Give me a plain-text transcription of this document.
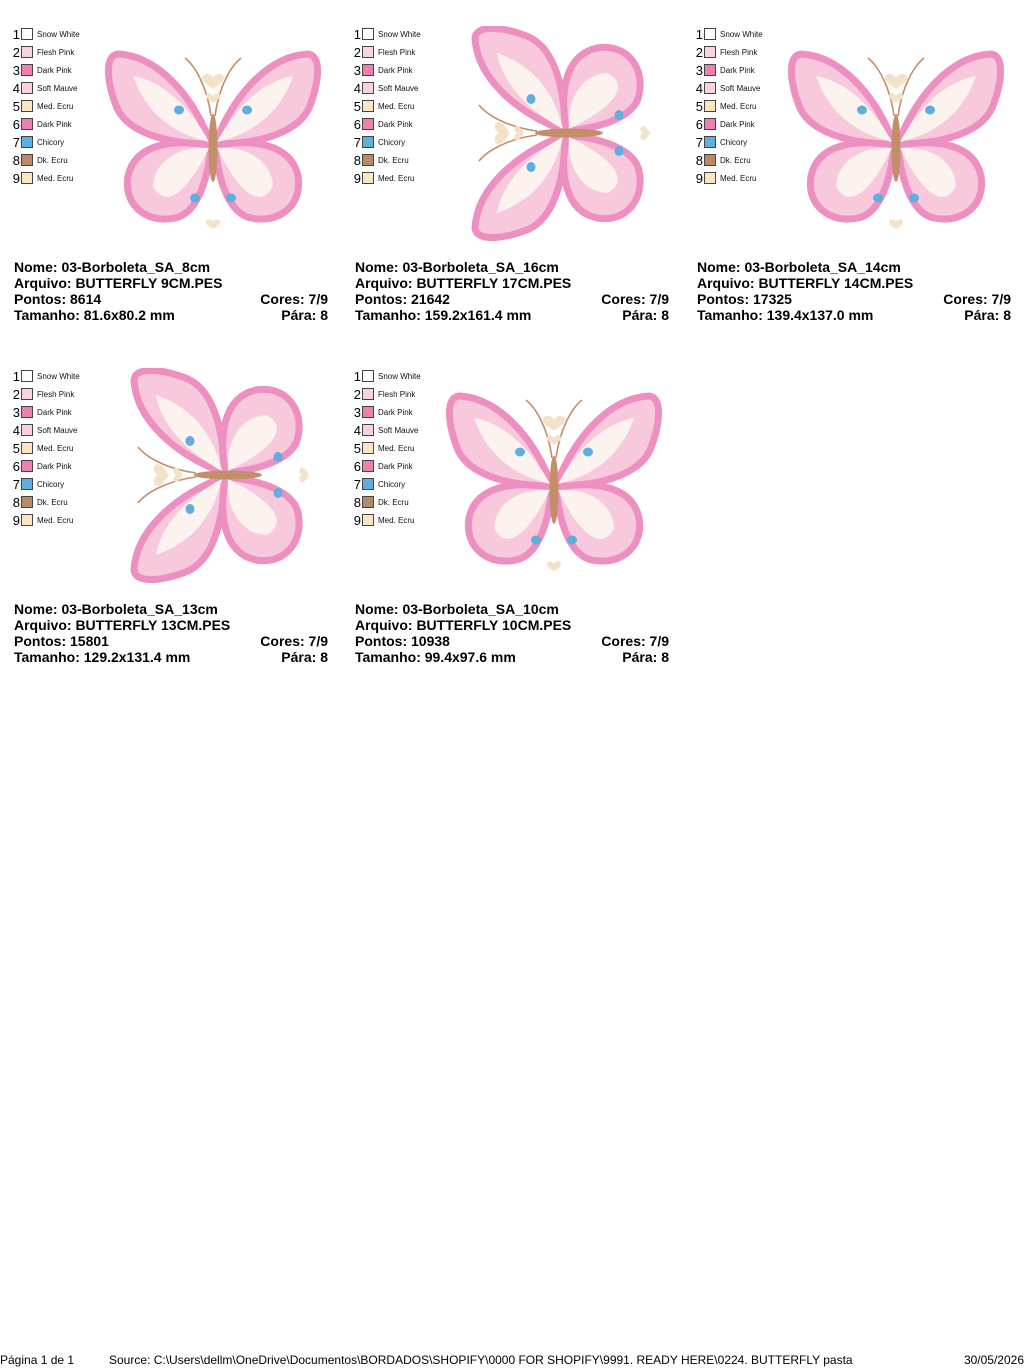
1 Snow White
2 Flesh Pink
3 Dark Pink
4 Soft Mauve
5 Med. Ecru
6 Dark Pink
7 Chicory
8 Dk. Ecru
9 Med. Ecru
Nome: 03-Borboleta_SA_8cm
Arquivo: BUTTERFLY 9CM.PES
Pontos: 8614	Cores: 7/9
Tamanho: 81.6x80.2 mm	Pára: 8
1 Snow White
2 Flesh Pink
3 Dark Pink
4 Soft Mauve
5 Med. Ecru
6 Dark Pink
7 Chicory
8 Dk. Ecru
9 Med. Ecru
Nome: 03-Borboleta_SA_16cm
Arquivo: BUTTERFLY 17CM.PES
Pontos: 21642	Cores: 7/9
Tamanho: 159.2x161.4 mm	Pára: 8
1 Snow White
2 Flesh Pink
3 Dark Pink
4 Soft Mauve
5 Med. Ecru
6 Dark Pink
7 Chicory
8 Dk. Ecru
9 Med. Ecru
Nome: 03-Borboleta_SA_14cm
Arquivo: BUTTERFLY 14CM.PES
Pontos: 17325	Cores: 7/9
Tamanho: 139.4x137.0 mm	Pára: 8
1 Snow White
2 Flesh Pink
3 Dark Pink
4 Soft Mauve
5 Med. Ecru
6 Dark Pink
7 Chicory
8 Dk. Ecru
9 Med. Ecru
Nome: 03-Borboleta_SA_13cm
Arquivo: BUTTERFLY 13CM.PES
Pontos: 15801	Cores: 7/9
Tamanho: 129.2x131.4 mm	Pára: 8
1 Snow White
2 Flesh Pink
3 Dark Pink
4 Soft Mauve
5 Med. Ecru
6 Dark Pink
7 Chicory
8 Dk. Ecru
9 Med. Ecru
Nome: 03-Borboleta_SA_10cm
Arquivo: BUTTERFLY 10CM.PES
Pontos: 10938	Cores: 7/9
Tamanho: 99.4x97.6 mm	Pára: 8
Página 1 de 1	Source: C:\Users\dellm\OneDrive\Documentos\BORDADOS\SHOPIFY\0000 FOR SHOPIFY\9991. READY HERE\0224. BUTTERFLY pasta	30/05/2026
